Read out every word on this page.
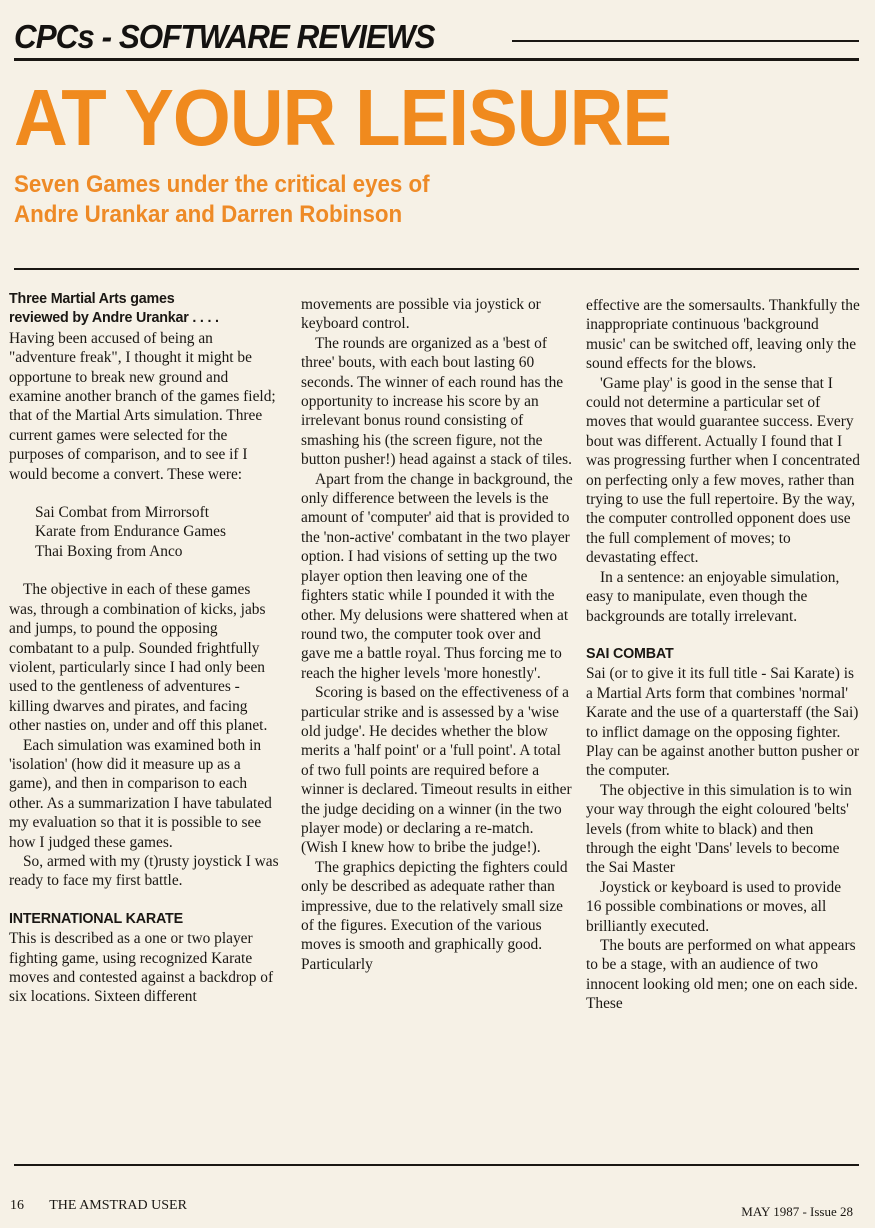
CPCs - SOFTWARE REVIEWS
AT YOUR LEISURE
Seven Games under the critical eyes of
Andre Urankar and Darren Robinson
Three Martial Arts games
reviewed by Andre Urankar . . . .

Having been accused of being an "adventure freak", I thought it might be opportune to break new ground and examine another branch of the games field; that of the Martial Arts simulation. Three current games were selected for the purposes of comparison, and to see if I would become a convert. These were:

Sai Combat from Mirrorsoft
Karate from Endurance Games
Thai Boxing from Anco

The objective in each of these games was, through a combination of kicks, jabs and jumps, to pound the opposing combatant to a pulp. Sounded frightfully violent, particularly since I had only been used to the gentleness of adventures - killing dwarves and pirates, and facing other nasties on, under and off this planet.

Each simulation was examined both in 'isolation' (how did it measure up as a game), and then in comparison to each other. As a summarization I have tabulated my evaluation so that it is possible to see how I judged these games.

So, armed with my (t)rusty joystick I was ready to face my first battle.

INTERNATIONAL KARATE

This is described as a one or two player fighting game, using recognized Karate moves and contested against a backdrop of six locations. Sixteen different

movements are possible via joystick or keyboard control.

The rounds are organized as a 'best of three' bouts, with each bout lasting 60 seconds. The winner of each round has the opportunity to increase his score by an irrelevant bonus round consisting of smashing his (the screen figure, not the button pusher!) head against a stack of tiles.

Apart from the change in background, the only difference between the levels is the amount of 'computer' aid that is provided to the 'non-active' combatant in the two player option. I had visions of setting up the two player option then leaving one of the fighters static while I pounded it with the other. My delusions were shattered when at round two, the computer took over and gave me a battle royal. Thus forcing me to reach the higher levels 'more honestly'.

Scoring is based on the effectiveness of a particular strike and is assessed by a 'wise old judge'. He decides whether the blow merits a 'half point' or a 'full point'. A total of two full points are required before a winner is declared. Timeout results in either the judge deciding on a winner (in the two player mode) or declaring a re-match. (Wish I knew how to bribe the judge!).

The graphics depicting the fighters could only be described as adequate rather than impressive, due to the relatively small size of the figures. Execution of the various moves is smooth and graphically good. Particularly

effective are the somersaults. Thankfully the inappropriate continuous 'background music' can be switched off, leaving only the sound effects for the blows.

'Game play' is good in the sense that I could not determine a particular set of moves that would guarantee success. Every bout was different. Actually I found that I was progressing further when I concentrated on perfecting only a few moves, rather than trying to use the full repertoire. By the way, the computer controlled opponent does use the full complement of moves; to devastating effect.

In a sentence: an enjoyable simulation, easy to manipulate, even though the backgrounds are totally irrelevant.

SAI COMBAT

Sai (or to give it its full title - Sai Karate) is a Martial Arts form that combines 'normal' Karate and the use of a quarterstaff (the Sai) to inflict damage on the opposing fighter. Play can be against another button pusher or the computer.

The objective in this simulation is to win your way through the eight coloured 'belts' levels (from white to black) and then through the eight 'Dans' levels to become the Sai Master

Joystick or keyboard is used to provide 16 possible combinations or moves, all brilliantly executed.

The bouts are performed on what appears to be a stage, with an audience of two innocent looking old men; one on each side. These

16 THE AMSTRAD USER	MAY 1987 - Issue 28
